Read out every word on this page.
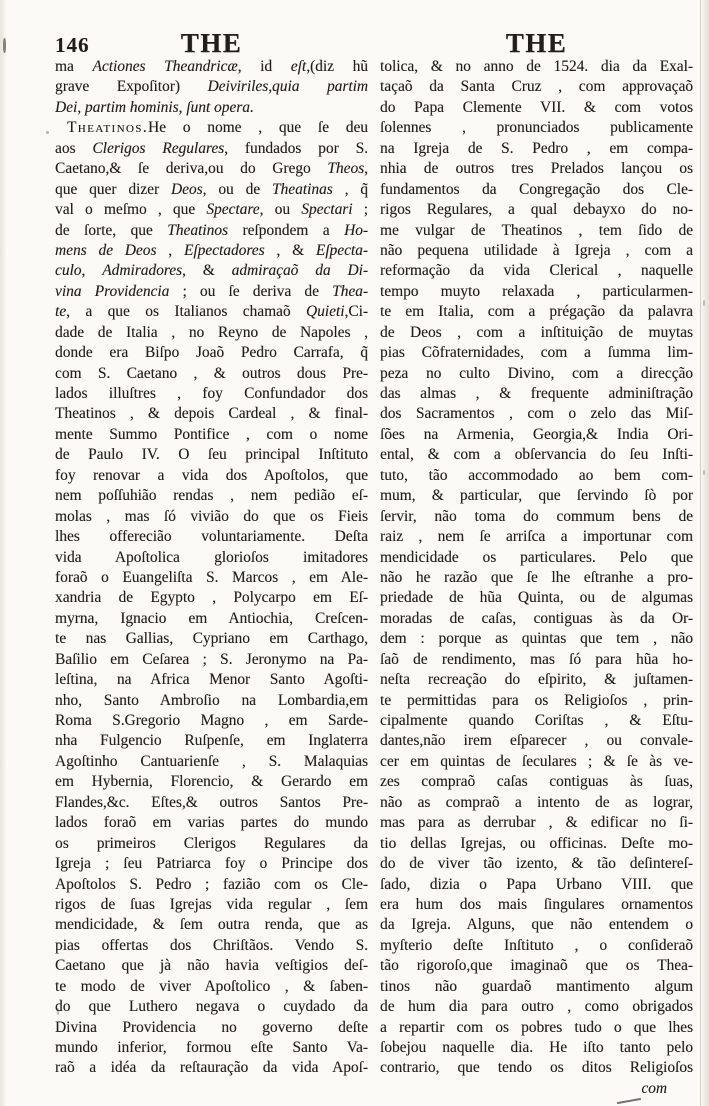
146	THE	THE
ma Actiones Theandricæ, id eſt,(diz hũ
grave Expoſitor) Deiviriles,quia partim
Dei, partim hominis, ſunt opera.
Theatinos.He o nome , que ſe deu
aos Clerigos Regulares, fundados por S.
Caetano,& ſe deriva,ou do Grego Theos,
que quer dizer Deos, ou de Theatinas , q̃
val o meſmo , que Spectare, ou Spectari ;
de ſorte, que Theatinos reſpondem a Ho-
mens de Deos , Eſpectadores , & Eſpecta-
culo, Admiradores, & admiraçaõ da Di-
vina Providencia ; ou ſe deriva de Thea-
te, a que os Italianos chamaõ Quieti,Ci-
dade de Italia , no Reyno de Napoles ,
donde era Biſpo Joaõ Pedro Carrafa, q̃
com S. Caetano , & outros dous Pre-
lados illuſtres , foy Confundador dos
Theatinos , & depois Cardeal , & final-
mente Summo Pontifice , com o nome
de Paulo IV. O ſeu principal Inſtituto
foy renovar a vida dos Apoſtolos, que
nem poſſuhião rendas , nem pedião eſ-
molas , mas ſó vivião do que os Fieis
lhes offerecião voluntariamente. Deſta
vida Apoſtolica glorioſos imitadores
foraõ o Euangeliſta S. Marcos , em Ale-
xandria de Egypto , Polycarpo em Eſ-
myrna, Ignacio em Antiochia, Creſcen-
te nas Gallias, Cypriano em Carthago,
Baſilio em Ceſarea ; S. Jeronymo na Pa-
leſtina, na Africa Menor Santo Agoſti-
nho, Santo Ambroſio na Lombardia,em
Roma S.Gregorio Magno , em Sarde-
nha Fulgencio Ruſpenſe, em Inglaterra
Agoſtinho Cantuarienſe , S. Malaquias
em Hybernia, Florencio, & Gerardo em
Flandes,&c. Eſtes,& outros Santos Pre-
lados foraõ em varias partes do mundo
os primeiros Clerigos Regulares da
Igreja ; ſeu Patriarca foy o Principe dos
Apoſtolos S. Pedro ; fazião com os Cle-
rigos de ſuas Igrejas vida regular , ſem
mendicidade, & ſem outra renda, que as
pias offertas dos Chriſtãos. Vendo S.
Caetano que jà não havia veſtigios deſ-
te modo de viver Apoſtolico , & ſaben-
do que Luthero negava o cuydado da
Divina Providencia no governo deſte
mundo inferior, formou eſte Santo Va-
raõ a idéa da reſtauração da vida Apoſ-
tolica, & no anno de 1524. dia da Exal-
taçaõ da Santa Cruz , com approvaçaõ
do Papa Clemente VII. & com votos
ſolennes , pronunciados publicamente
na Igreja de S. Pedro , em compa-
nhia de outros tres Prelados lançou os
fundamentos da Congregação dos Cle-
rigos Regulares, a qual debayxo do no-
me vulgar de Theatinos , tem ſido de
não pequena utilidade à Igreja , com a
reformação da vida Clerical , naquelle
tempo muyto relaxada , particularmen-
te em Italia, com a prégação da palavra
de Deos , com a inſtituição de muytas
pias Cõfraternidades, com a ſumma lim-
peza no culto Divino, com a direcção
das almas , & frequente adminiſtração
dos Sacramentos , com o zelo das Miſ-
ſões na Armenia, Georgia,& India Ori-
ental, & com a obſervancia do ſeu Inſti-
tuto, tão accommodado ao bem com-
mum, & particular, que ſervindo ſò por
ſervir, não toma do commum bens de
raiz , nem ſe arriſca a importunar com
mendicidade os particulares. Pelo que
não he razão que ſe lhe eſtranhe a pro-
priedade de hũa Quinta, ou de algumas
moradas de caſas, contiguas às da Or-
dem : porque as quintas que tem , não
ſaõ de rendimento, mas ſó para hũa ho-
neſta recreação do eſpirito, & juſtamen-
te permittidas para os Religioſos , prin-
cipalmente quando Coriſtas , & Eſtu-
dantes,não irem eſparecer , ou convale-
cer em quintas de ſeculares ; & ſe às ve-
zes compraõ caſas contiguas às ſuas,
não as compraõ a intento de as lograr,
mas para as derrubar , & edificar no ſi-
tio dellas Igrejas, ou officinas. Deſte mo-
do de viver tão izento, & tão deſintereſ-
ſado, dizia o Papa Urbano VIII. que
era hum dos mais ſingulares ornamentos
da Igreja. Alguns, que não entendem o
myſterio deſte Inſtituto , o conſideraõ
tão rigoroſo,que imaginaõ que os Thea-
tinos não guardaõ mantimento algum
de hum dia para outro , como obrigados
a repartir com os pobres tudo o que lhes
ſobejou naquelle dia. He iſto tanto pelo
contrario, que tendo os ditos Religioſos
com
